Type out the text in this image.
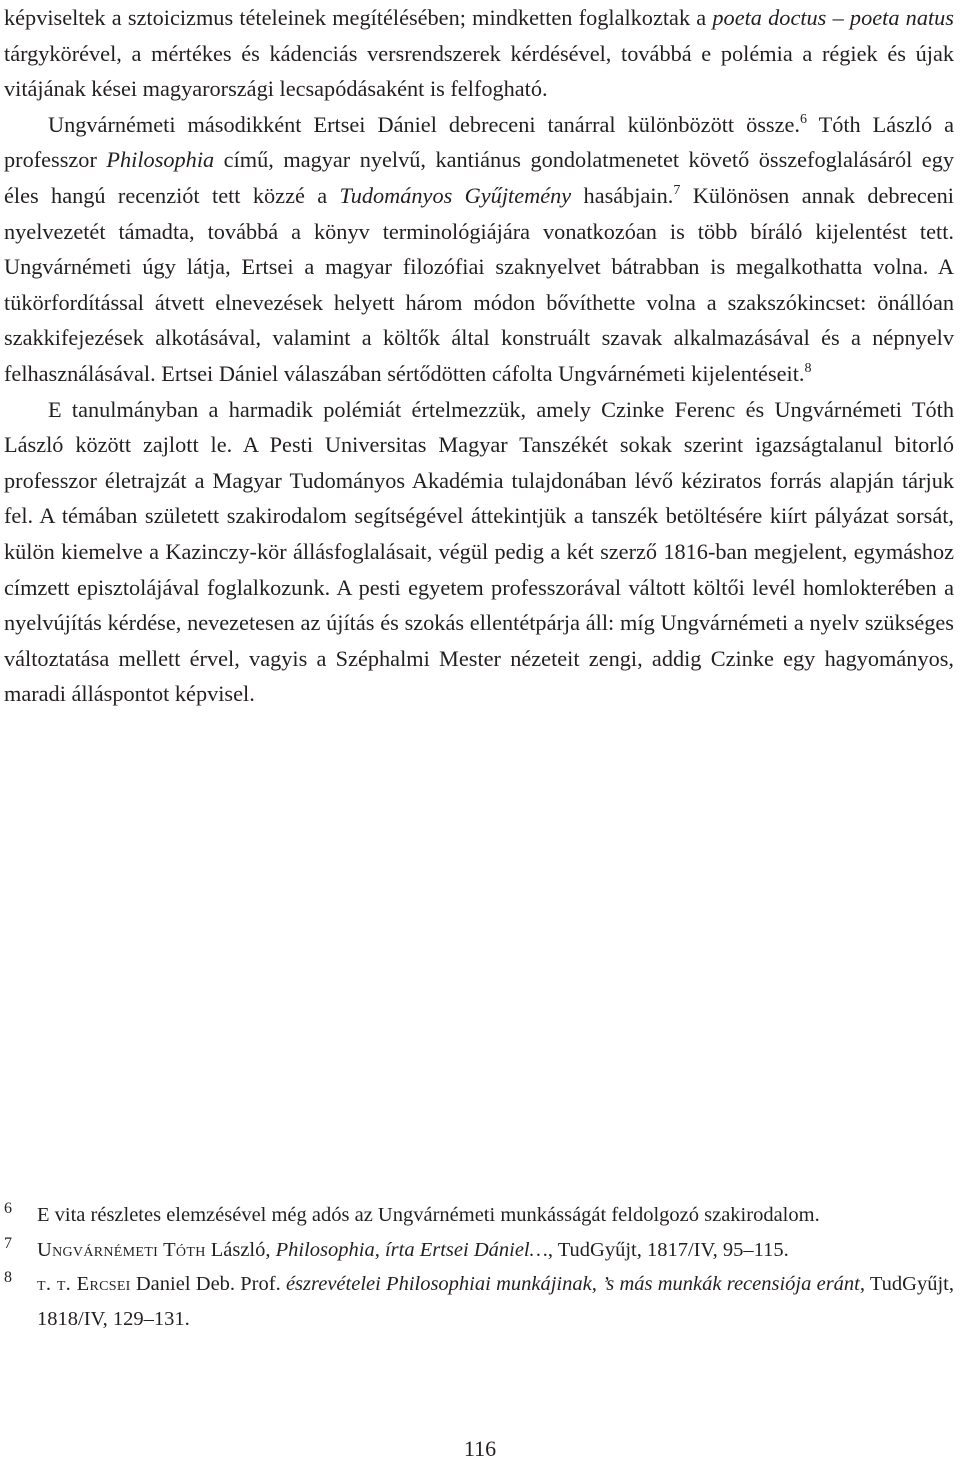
képviseltek a sztoicizmus tételeinek megítélésében; mindketten foglalkoztak a poeta doctus – poeta natus tárgykörével, a mértékes és kádenciás versrendszerek kérdésével, továbbá e polémia a régiek és újak vitájának kései magyarországi lecsapódásaként is felfogható.

Ungvárnémeti másodikként Ertsei Dániel debreceni tanárral különbözött össze.$^6$ Tóth László a professzor Philosophia című, magyar nyelvű, kantiánus gondolatmenetet követő összefoglalásáról egy éles hangú recenziót tett közzé a Tudományos Gyűjtemény hasábjain.$^7$ Különösen annak debreceni nyelvezetét támadta, továbbá a könyv terminológiájára vonatkozóan is több bíráló kijelentést tett. Ungvárnémeti úgy látja, Ertsei a magyar filozófiai szaknyelvet bátrabban is megalkothatta volna. A tükörfordítással átvett elnevezések helyett három módon bővíthette volna a szakszókincset: önállóan szakkifejezések alkotásával, valamint a költők által konstruált szavak alkalmazásával és a népnyelv felhasználásával. Ertsei Dániel válaszában sértődötten cáfolta Ungvárnémeti kijelentéseit.$^8$

E tanulmányban a harmadik polémiát értelmezzük, amely Czinke Ferenc és Ungvárnémeti Tóth László között zajlott le. A Pesti Universitas Magyar Tanszékét sokak szerint igazságtalanul bitorló professzor életrajzát a Magyar Tudományos Akadémia tulajdonában lévő kéziratos forrás alapján tárjuk fel. A témában született szakirodalom segítségével áttekintjük a tanszék betöltésére kiírt pályázat sorsát, külön kiemelve a Kazinczy-kör állásfoglalásait, végül pedig a két szerző 1816-ban megjelent, egymáshoz címzett episztolájával foglalkozunk. A pesti egyetem professzorával váltott költői levél homlokterében a nyelvújítás kérdése, nevezetesen az újítás és szokás ellentétpárja áll: míg Ungvárnémeti a nyelv szükséges változtatása mellett érvel, vagyis a Széphalmi Mester nézeteit zengi, addig Czinke egy hagyományos, maradi álláspontot képvisel.

6 E vita részletes elemzésével még adós az Ungvárnémeti munkásságát feldolgozó szakirodalom.
7 Ungvárnémeti Tóth László, Philosophia, írta Ertsei Dániel…, TudGyűjt, 1817/IV, 95–115.
8 t. t. Ercsei Daniel Deb. Prof. észrevételei Philosophiai munkájinak, ’s más munkák recensiója eránt, TudGyűjt, 1818/IV, 129–131.
116
